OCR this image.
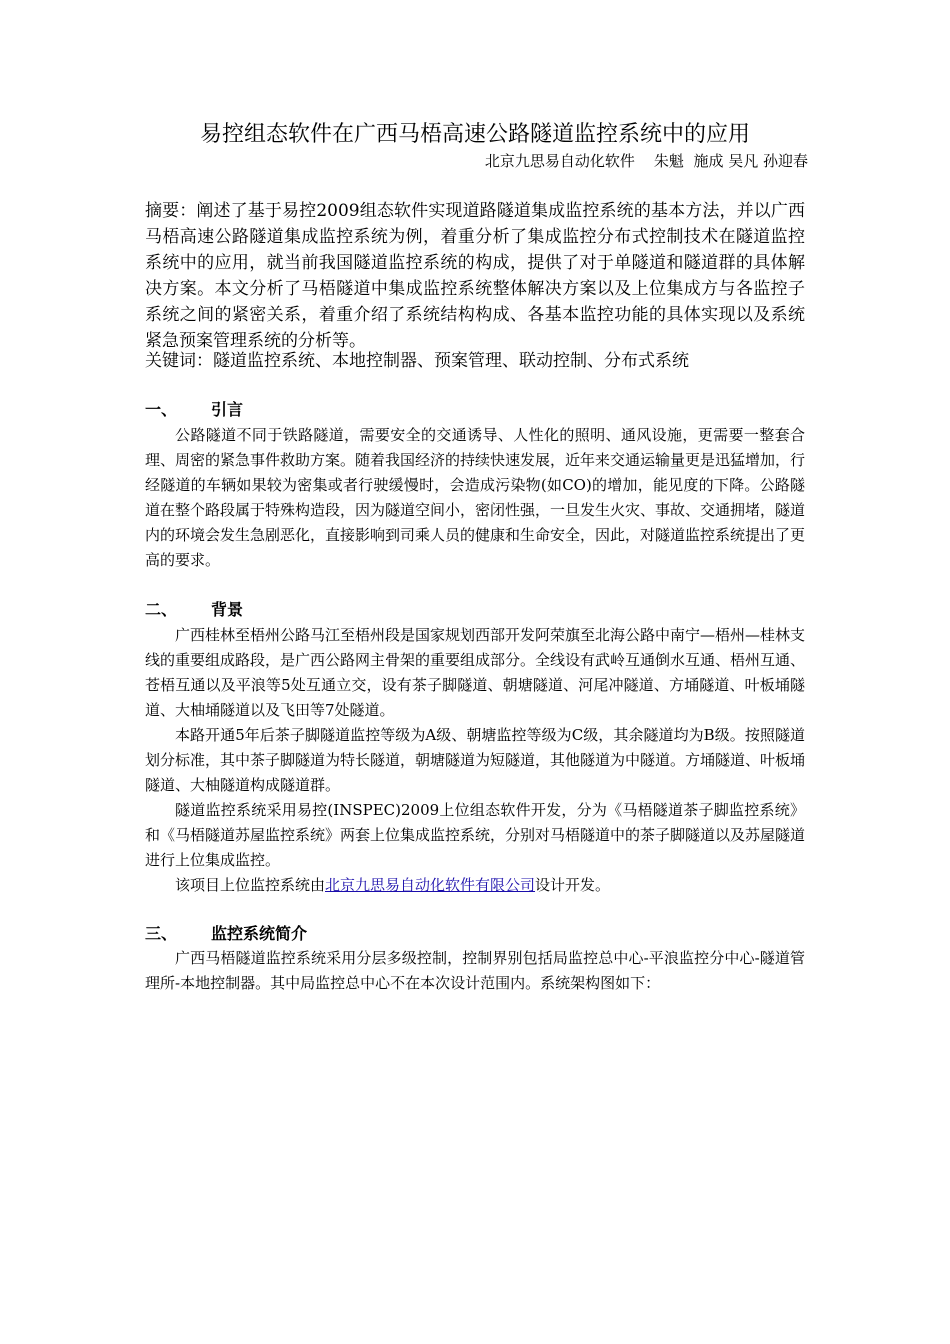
易控组态软件在广西马梧高速公路隧道监控系统中的应用
北京九思易自动化软件    朱魁  施成 吴凡 孙迎春
摘要：阐述了基于易控2009组态软件实现道路隧道集成监控系统的基本方法，并以广西马梧高速公路隧道集成监控系统为例，着重分析了集成监控分布式控制技术在隧道监控系统中的应用，就当前我国隧道监控系统的构成，提供了对于单隧道和隧道群的具体解决方案。本文分析了马梧隧道中集成监控系统整体解决方案以及上位集成方与各监控子系统之间的紧密关系，着重介绍了系统结构构成、各基本监控功能的具体实现以及系统紧急预案管理系统的分析等。
关键词：隧道监控系统、本地控制器、预案管理、联动控制、分布式系统
一、 引言

公路隧道不同于铁路隧道，需要安全的交通诱导、人性化的照明、通风设施，更需要一整套合理、周密的紧急事件救助方案。随着我国经济的持续快速发展，近年来交通运输量更是迅猛增加，行经隧道的车辆如果较为密集或者行驶缓慢时，会造成污染物(如CO)的增加，能见度的下降。公路隧道在整个路段属于特殊构造段，因为隧道空间小，密闭性强，一旦发生火灾、事故、交通拥堵，隧道内的环境会发生急剧恶化，直接影响到司乘人员的健康和生命安全，因此，对隧道监控系统提出了更高的要求。

二、 背景

广西桂林至梧州公路马江至梧州段是国家规划西部开发阿荣旗至北海公路中南宁—梧州—桂林支线的重要组成路段，是广西公路网主骨架的重要组成部分。全线设有武岭互通倒水互通、梧州互通、苍梧互通以及平浪等5处互通立交，设有茶子脚隧道、朝塘隧道、河尾冲隧道、方埇隧道、叶板埇隧道、大柚埇隧道以及飞田等7处隧道。

本路开通5年后茶子脚隧道监控等级为A级、朝塘监控等级为C级，其余隧道均为B级。按照隧道划分标准，其中茶子脚隧道为特长隧道，朝塘隧道为短隧道，其他隧道为中隧道。方埇隧道、叶板埇隧道、大柚隧道构成隧道群。

隧道监控系统采用易控(INSPEC)2009上位组态软件开发，分为《马梧隧道茶子脚监控系统》和《马梧隧道苏屋监控系统》两套上位集成监控系统，分别对马梧隧道中的茶子脚隧道以及苏屋隧道进行上位集成监控。

该项目上位监控系统由北京九思易自动化软件有限公司设计开发。

三、 监控系统简介

广西马梧隧道监控系统采用分层多级控制，控制界别包括局监控总中心-平浪监控分中心-隧道管理所-本地控制器。其中局监控总中心不在本次设计范围内。系统架构图如下：
